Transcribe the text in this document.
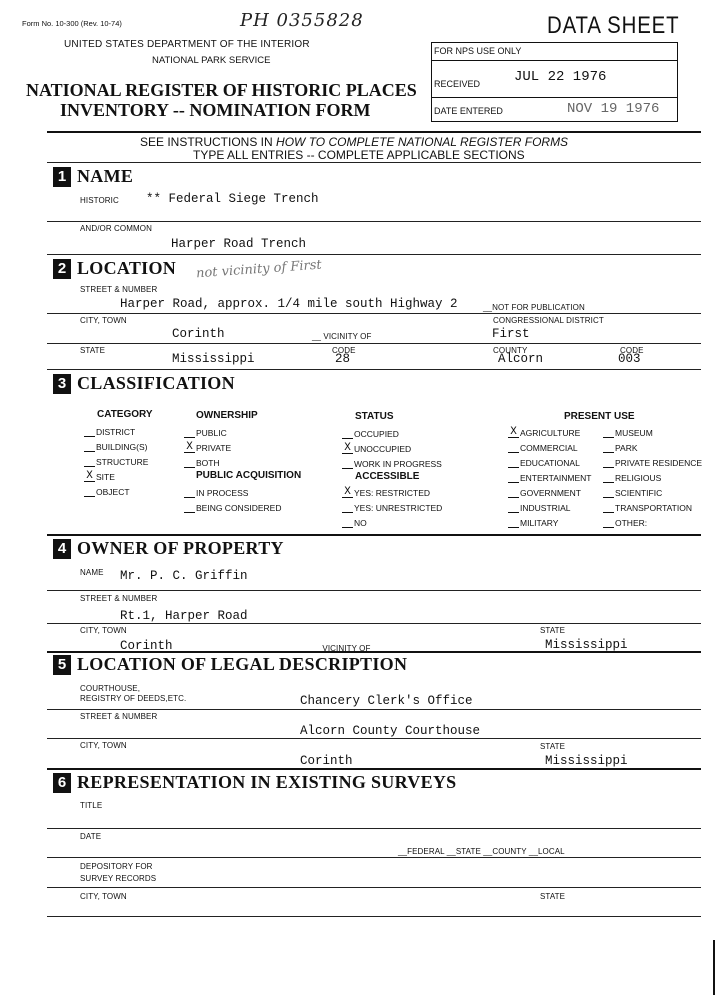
Form No. 10-300 (Rev. 10-74)	PH 0355828	DATA SHEET
UNITED STATES DEPARTMENT OF THE INTERIOR
NATIONAL PARK SERVICE
NATIONAL REGISTER OF HISTORIC PLACES
INVENTORY -- NOMINATION FORM
FOR NPS USE ONLY
RECEIVED JUL 22 1976
DATE ENTERED	NOV 19 1976
SEE INSTRUCTIONS IN HOW TO COMPLETE NATIONAL REGISTER FORMS
TYPE ALL ENTRIES -- COMPLETE APPLICABLE SECTIONS
1 NAME
HISTORIC ** Federal Siege Trench
AND/OR COMMON
Harper Road Trench
2 LOCATION not vicinity of First
STREET & NUMBER
Harper Road, approx. 1/4 mile south Highway 2	__NOT FOR PUBLICATION
CITY, TOWN
Corinth	__ VICINITY OF
CONGRESSIONAL DISTRICT
First
STATE
Mississippi
CODE
28
COUNTY
Alcorn
CODE
003
3 CLASSIFICATION
CATEGORY	OWNERSHIP	STATUS	PRESENT USE
PUBLIC ACQUISITION	ACCESSIBLE
DISTRICT
BUILDING(S)
STRUCTURE
X SITE
OBJECT
PUBLIC
X PRIVATE
BOTH
IN PROCESS
BEING CONSIDERED
OCCUPIED
X UNOCCUPIED
WORK IN PROGRESS
X YES: RESTRICTED
YES: UNRESTRICTED
NO
X AGRICULTURE
COMMERCIAL
EDUCATIONAL
ENTERTAINMENT
GOVERNMENT
INDUSTRIAL
MILITARY
MUSEUM
PARK
PRIVATE RESIDENCE
RELIGIOUS
SCIENTIFIC
TRANSPORTATION
OTHER:
4 OWNER OF PROPERTY
NAME Mr. P. C. Griffin
STREET & NUMBER
Rt.1, Harper Road
CITY, TOWN
Corinth	__ VICINITY OF
STATE
Mississippi
5 LOCATION OF LEGAL DESCRIPTION
COURTHOUSE,
REGISTRY OF DEEDS,ETC.	Chancery Clerk's Office
STREET & NUMBER
Alcorn County Courthouse
CITY, TOWN
Corinth
STATE
Mississippi
6 REPRESENTATION IN EXISTING SURVEYS
TITLE
DATE
__FEDERAL __STATE __COUNTY __LOCAL
DEPOSITORY FOR
SURVEY RECORDS
CITY, TOWN	STATE
